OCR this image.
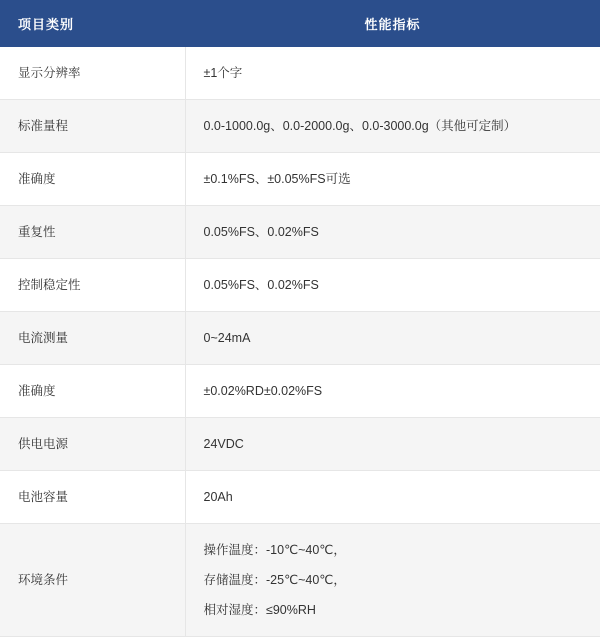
项目类别	性能指标
显示分辨率	±1个字
标准量程	0.0-1000.0g、0.0-2000.0g、0.0-3000.0g（其他可定制）
准确度	±0.1%FS、±0.05%FS可选
重复性	0.05%FS、0.02%FS
控制稳定性	0.05%FS、0.02%FS
电流测量	0~24mA
准确度	±0.02%RD±0.02%FS
供电电源	24VDC
电池容量	20Ah
环境条件	操作温度：-10℃~40℃，
存储温度：-25℃~40℃，
相对湿度：≤90%RH
